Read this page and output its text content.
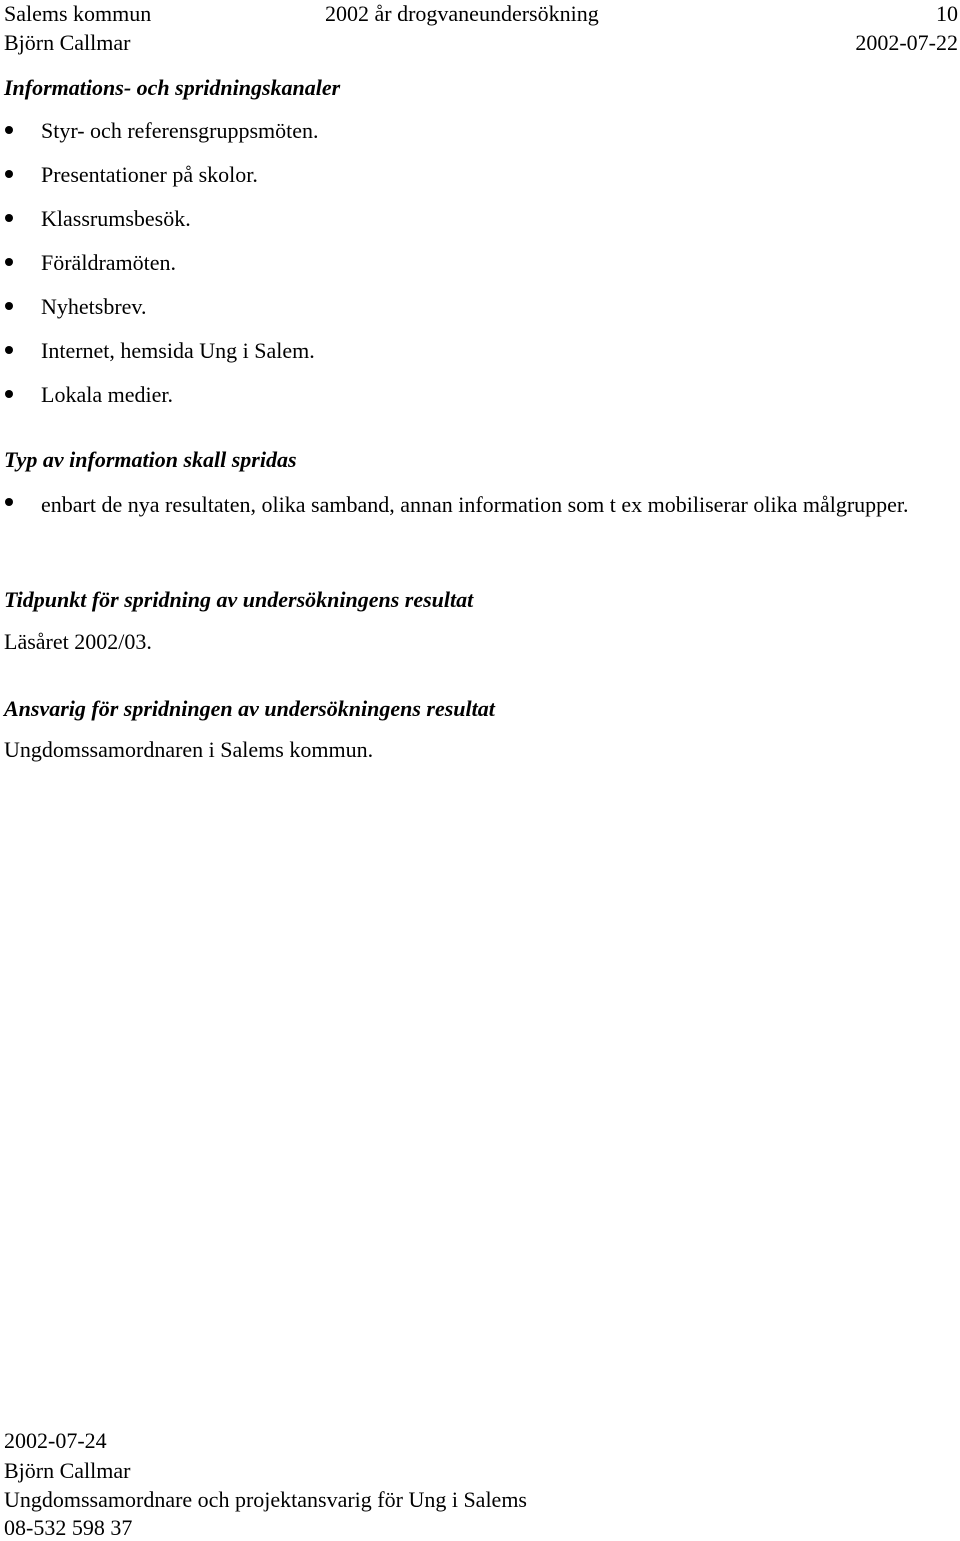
Salems kommun	2002 år drogvaneundersökning	10
Björn Callmar	2002-07-22
Informations- och spridningskanaler
Styr- och referensgruppsmöten.
Presentationer på skolor.
Klassrumsbesök.
Föräldramöten.
Nyhetsbrev.
Internet, hemsida Ung i Salem.
Lokala medier.
Typ av information skall spridas
enbart de nya resultaten, olika samband, annan information som t ex mobiliserar olika målgrupper.
Tidpunkt för spridning av undersökningens resultat
Läsåret 2002/03.
Ansvarig för spridningen av undersökningens resultat
Ungdomssamordnaren i Salems kommun.
2002-07-24
Björn Callmar
Ungdomssamordnare och projektansvarig för Ung i Salems
08-532 598 37
